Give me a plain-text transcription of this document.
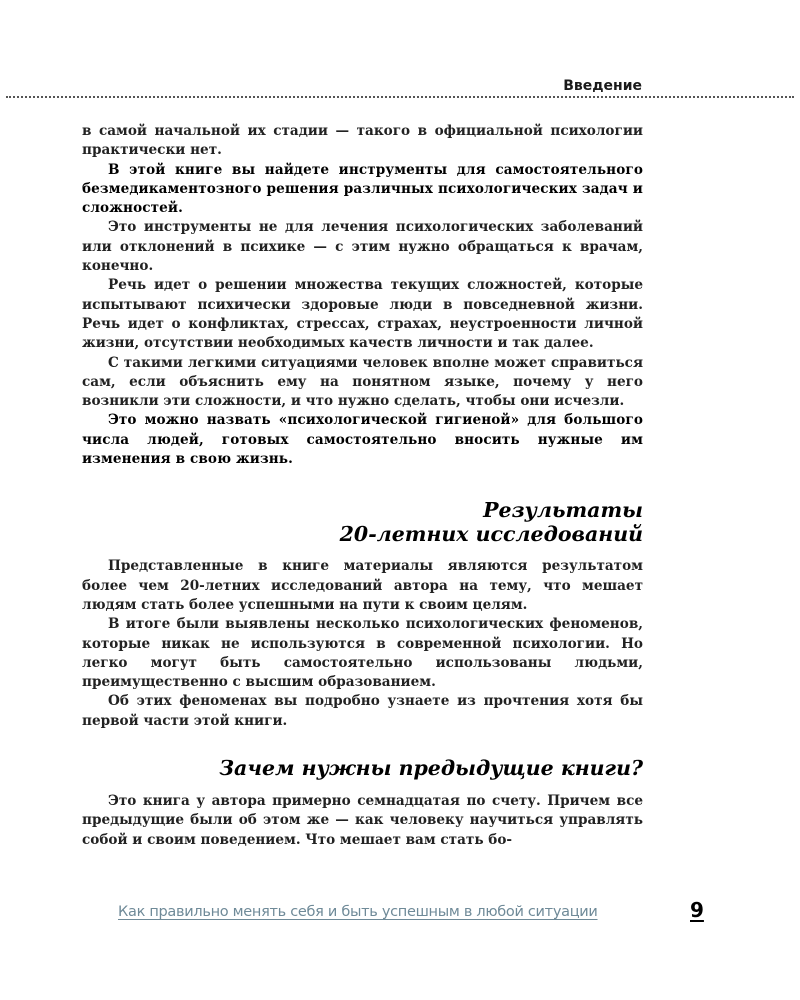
Введение

в самой начальной их стадии — такого в официальной психологии практически нет.

В этой книге вы найдете инструменты для самостоятельного безмедикаментозного решения различных психологических задач и сложностей.

Это инструменты не для лечения психологических заболеваний или отклонений в психике — с этим нужно обращаться к врачам, конечно.

Речь идет о решении множества текущих сложностей, которые испытывают психически здоровые люди в повседневной жизни. Речь идет о конфликтах, стрессах, страхах, неустроенности личной жизни, отсутствии необходимых качеств личности и так далее.

С такими легкими ситуациями человек вполне может справиться сам, если объяснить ему на понятном языке, почему у него возникли эти сложности, и что нужно сделать, чтобы они исчезли.

Это можно назвать «психологической гигиеной» для большого числа людей, готовых самостоятельно вносить нужные им изменения в свою жизнь.

Результаты
20-летних исследований

Представленные в книге материалы являются результатом более чем 20-летних исследований автора на тему, что мешает людям стать более успешными на пути к своим целям.

В итоге были выявлены несколько психологических феноменов, которые никак не используются в современной психологии. Но легко могут быть самостоятельно использованы людьми, преимущественно с высшим образованием.

Об этих феноменах вы подробно узнаете из прочтения хотя бы первой части этой книги.

Зачем нужны предыдущие книги?

Это книга у автора примерно семнадцатая по счету. Причем все предыдущие были об этом же — как человеку научиться управлять собой и своим поведением. Что мешает вам стать бо-

Как правильно менять себя и быть успешным в любой ситуации	9
